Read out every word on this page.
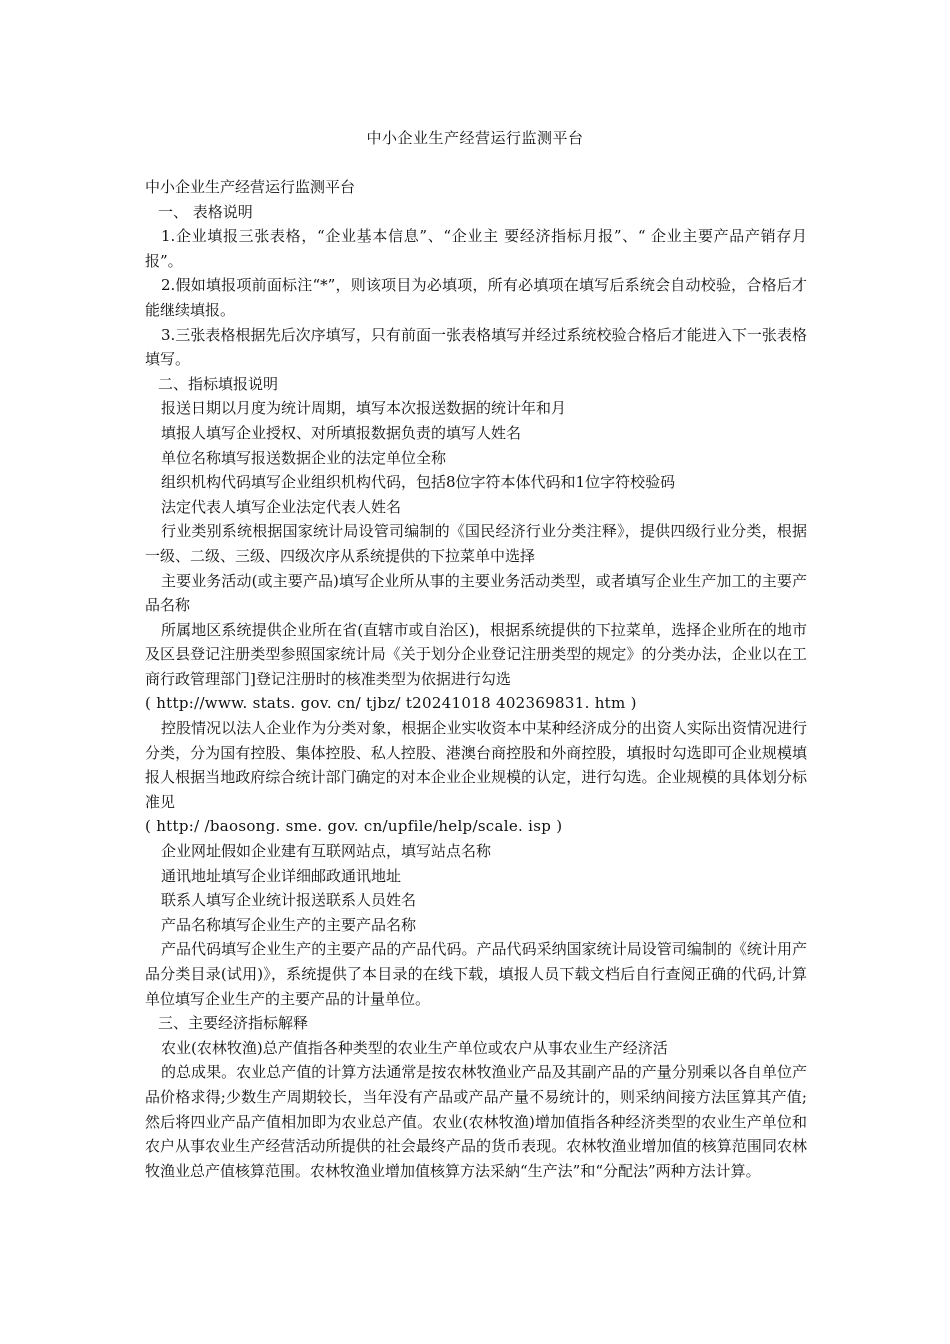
中小企业生产经营运行监测平台

中小企业生产经营运行监测平台

一、 表格说明

1.企业填报三张表格，“企业基本信息”、“企业主 要经济指标月报”、“ 企业主要产品产销存月报”。

2.假如填报项前面标注“*”，则该项目为必填项，所有必填项在填写后系统会自动校验，合格后才能继续填报。

3.三张表格根据先后次序填写，只有前面一张表格填写并经过系统校验合格后才能进入下一张表格填写。

二、指标填报说明

报送日期以月度为统计周期，填写本次报送数据的统计年和月

填报人填写企业授权、对所填报数据负责的填写人姓名

单位名称填写报送数据企业的法定单位全称

组织机构代码填写企业组织机构代码，包括8位字符本体代码和1位字符校验码

法定代表人填写企业法定代表人姓名

行业类别系统根据国家统计局设管司编制的《国民经济行业分类注释》，提供四级行业分类，根据一级、二级、三级、四级次序从系统提供的下拉菜单中选择

主要业务活动(或主要产品)填写企业所从事的主要业务活动类型，或者填写企业生产加工的主要产品名称

所属地区系统提供企业所在省(直辖市或自治区)，根据系统提供的下拉菜单，选择企业所在的地市及区县登记注册类型参照国家统计局《关于划分企业登记注册类型的规定》的分类办法，企业以在工商行政管理部门]登记注册时的核准类型为依据进行勾选

( http://www. stats. gov. cn/ tjbz/ t20241018 402369831. htm )

控股情况以法人企业作为分类对象，根据企业实收资本中某种经济成分的出资人实际出资情况进行分类，分为国有控股、集体控股、私人控股、港澳台商控股和外商控股，填报时勾选即可企业规模填报人根据当地政府综合统计部门确定的对本企业企业规模的认定，进行勾选。企业规模的具体划分标准见

( http:/ /baosong. sme. gov. cn/upfile/help/scale. isp )

企业网址假如企业建有互联网站点，填写站点名称

通讯地址填写企业详细邮政通讯地址

联系人填写企业统计报送联系人员姓名

产品名称填写企业生产的主要产品名称

产品代码填写企业生产的主要产品的产品代码。产品代码采纳国家统计局设管司编制的《统计用产品分类目录(试用)》，系统提供了本目录的在线下载，填报人员下载文档后自行查阅正确的代码,计算单位填写企业生产的主要产品的计量单位。

三、主要经济指标解释

农业(农林牧渔)总产值指各种类型的农业生产单位或农户从事农业生产经济活

的总成果。农业总产值的计算方法通常是按农林牧渔业产品及其副产品的产量分别乘以各自单位产品价格求得;少数生产周期较长，当年没有产品或产品产量不易统计的，则采纳间接方法匡算其产值;然后将四业产品产值相加即为农业总产值。农业(农林牧渔)增加值指各种经济类型的农业生产单位和农户从事农业生产经营活动所提供的社会最终产品的货币表现。农林牧渔业增加值的核算范围同农林牧渔业总产值核算范围。农林牧渔业增加值核算方法采納“生产法”和“分配法”两种方法计算。
